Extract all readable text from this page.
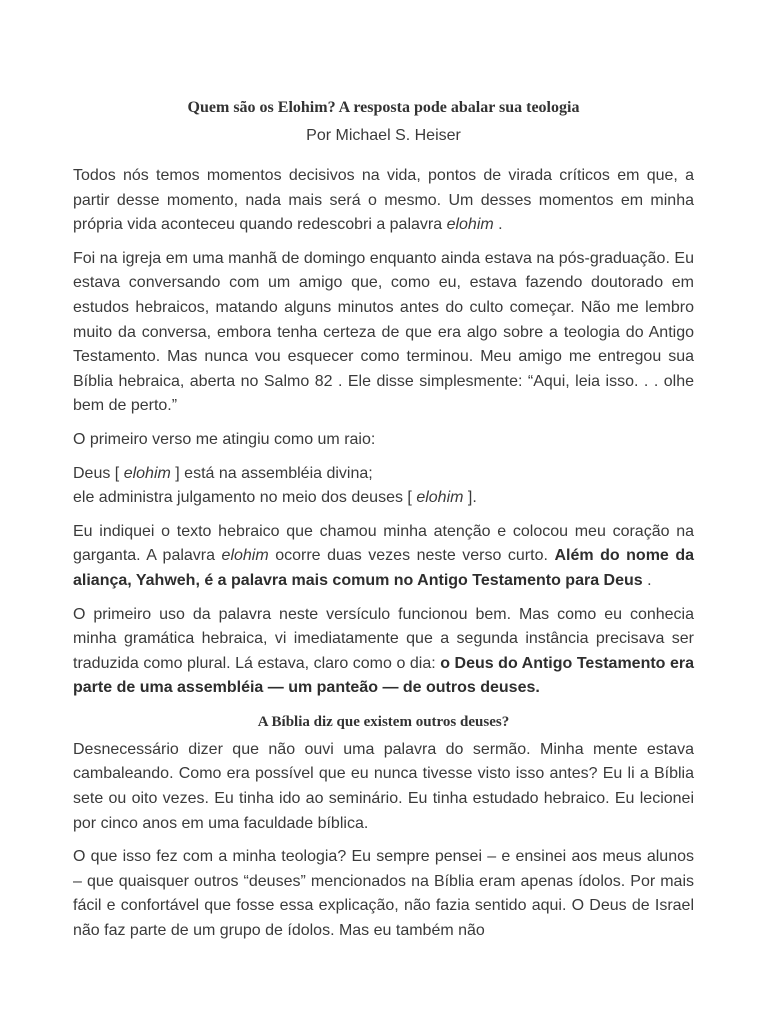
Quem são os Elohim? A resposta pode abalar sua teologia
Por Michael S. Heiser

Todos nós temos momentos decisivos na vida, pontos de virada críticos em que, a partir desse momento, nada mais será o mesmo. Um desses momentos em minha própria vida aconteceu quando redescobri a palavra elohim .

Foi na igreja em uma manhã de domingo enquanto ainda estava na pós-graduação. Eu estava conversando com um amigo que, como eu, estava fazendo doutorado em estudos hebraicos, matando alguns minutos antes do culto começar. Não me lembro muito da conversa, embora tenha certeza de que era algo sobre a teologia do Antigo Testamento. Mas nunca vou esquecer como terminou. Meu amigo me entregou sua Bíblia hebraica, aberta no Salmo 82 . Ele disse simplesmente: “Aqui, leia isso. . . olhe bem de perto.”

O primeiro verso me atingiu como um raio:

Deus [ elohim ] está na assembléia divina;
ele administra julgamento no meio dos deuses [ elohim ].

Eu indiquei o texto hebraico que chamou minha atenção e colocou meu coração na garganta. A palavra elohim ocorre duas vezes neste verso curto. Além do nome da aliança, Yahweh, é a palavra mais comum no Antigo Testamento para Deus .

O primeiro uso da palavra neste versículo funcionou bem. Mas como eu conhecia minha gramática hebraica, vi imediatamente que a segunda instância precisava ser traduzida como plural. Lá estava, claro como o dia: o Deus do Antigo Testamento era parte de uma assembléia — um panteão — de outros deuses.

A Bíblia diz que existem outros deuses?

Desnecessário dizer que não ouvi uma palavra do sermão. Minha mente estava cambaleando. Como era possível que eu nunca tivesse visto isso antes? Eu li a Bíblia sete ou oito vezes. Eu tinha ido ao seminário. Eu tinha estudado hebraico. Eu lecionei por cinco anos em uma faculdade bíblica.

O que isso fez com a minha teologia? Eu sempre pensei – e ensinei aos meus alunos – que quaisquer outros “deuses” mencionados na Bíblia eram apenas ídolos. Por mais fácil e confortável que fosse essa explicação, não fazia sentido aqui. O Deus de Israel não faz parte de um grupo de ídolos. Mas eu também não
